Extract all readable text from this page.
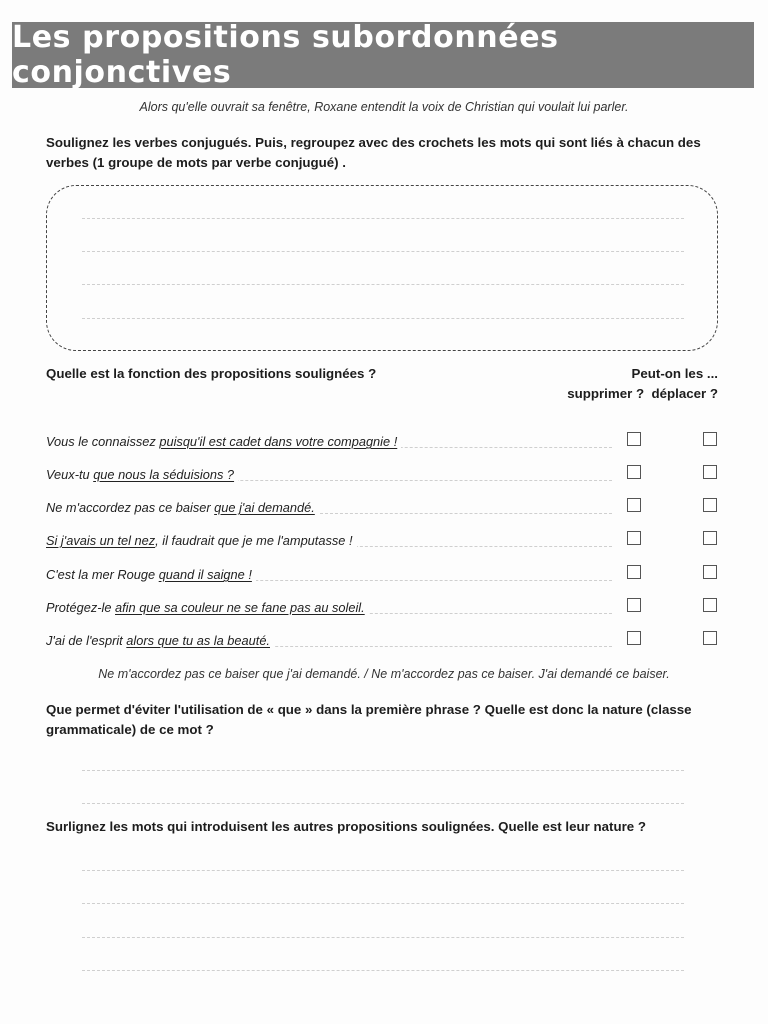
Les propositions subordonnées conjonctives
Alors qu'elle ouvrait sa fenêtre, Roxane entendit la voix de Christian qui voulait lui parler.
Soulignez les verbes conjugués. Puis, regroupez avec des crochets les mots qui sont liés à chacun des verbes (1 groupe de mots par verbe conjugué) .
Quelle est la fonction des propositions soulignées ?	Peut-on les ...
supprimer ? déplacer ?
Vous le connaissez puisqu'il est cadet dans votre compagnie !
Veux-tu que nous la séduisions ?
Ne m'accordez pas ce baiser que j'ai demandé.
Si j'avais un tel nez, il faudrait que je me l'amputasse !
C'est la mer Rouge quand il saigne !
Protégez-le afin que sa couleur ne se fane pas au soleil.
J'ai de l'esprit alors que tu as la beauté.
Ne m'accordez pas ce baiser que j'ai demandé. / Ne m'accordez pas ce baiser. J'ai demandé ce baiser.
Que permet d'éviter l'utilisation de « que » dans la première phrase ? Quelle est donc la nature (classe grammaticale) de ce mot ?
Surlignez les mots qui introduisent les autres propositions soulignées. Quelle est leur nature ?
